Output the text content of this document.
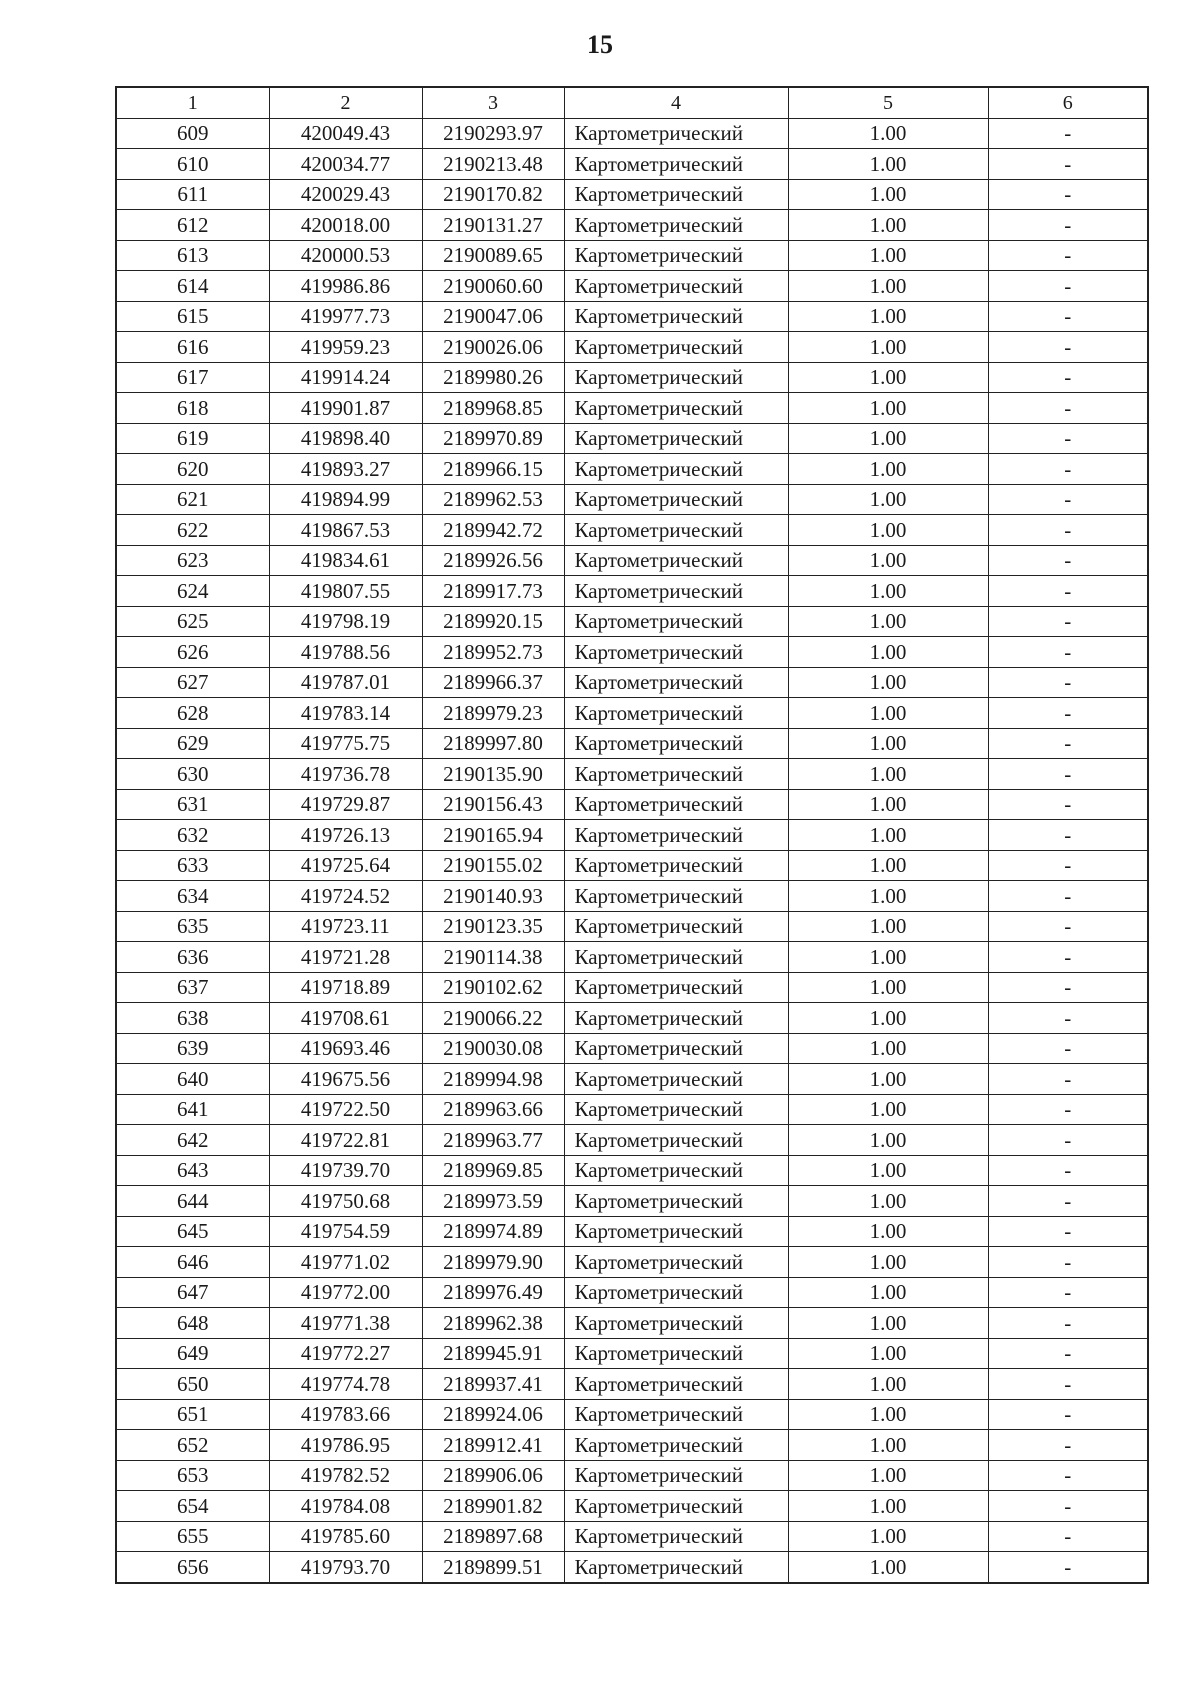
15
1	2	3	4	5	6
609	420049.43	2190293.97	Картометрический	1.00	-
610	420034.77	2190213.48	Картометрический	1.00	-
611	420029.43	2190170.82	Картометрический	1.00	-
612	420018.00	2190131.27	Картометрический	1.00	-
613	420000.53	2190089.65	Картометрический	1.00	-
614	419986.86	2190060.60	Картометрический	1.00	-
615	419977.73	2190047.06	Картометрический	1.00	-
616	419959.23	2190026.06	Картометрический	1.00	-
617	419914.24	2189980.26	Картометрический	1.00	-
618	419901.87	2189968.85	Картометрический	1.00	-
619	419898.40	2189970.89	Картометрический	1.00	-
620	419893.27	2189966.15	Картометрический	1.00	-
621	419894.99	2189962.53	Картометрический	1.00	-
622	419867.53	2189942.72	Картометрический	1.00	-
623	419834.61	2189926.56	Картометрический	1.00	-
624	419807.55	2189917.73	Картометрический	1.00	-
625	419798.19	2189920.15	Картометрический	1.00	-
626	419788.56	2189952.73	Картометрический	1.00	-
627	419787.01	2189966.37	Картометрический	1.00	-
628	419783.14	2189979.23	Картометрический	1.00	-
629	419775.75	2189997.80	Картометрический	1.00	-
630	419736.78	2190135.90	Картометрический	1.00	-
631	419729.87	2190156.43	Картометрический	1.00	-
632	419726.13	2190165.94	Картометрический	1.00	-
633	419725.64	2190155.02	Картометрический	1.00	-
634	419724.52	2190140.93	Картометрический	1.00	-
635	419723.11	2190123.35	Картометрический	1.00	-
636	419721.28	2190114.38	Картометрический	1.00	-
637	419718.89	2190102.62	Картометрический	1.00	-
638	419708.61	2190066.22	Картометрический	1.00	-
639	419693.46	2190030.08	Картометрический	1.00	-
640	419675.56	2189994.98	Картометрический	1.00	-
641	419722.50	2189963.66	Картометрический	1.00	-
642	419722.81	2189963.77	Картометрический	1.00	-
643	419739.70	2189969.85	Картометрический	1.00	-
644	419750.68	2189973.59	Картометрический	1.00	-
645	419754.59	2189974.89	Картометрический	1.00	-
646	419771.02	2189979.90	Картометрический	1.00	-
647	419772.00	2189976.49	Картометрический	1.00	-
648	419771.38	2189962.38	Картометрический	1.00	-
649	419772.27	2189945.91	Картометрический	1.00	-
650	419774.78	2189937.41	Картометрический	1.00	-
651	419783.66	2189924.06	Картометрический	1.00	-
652	419786.95	2189912.41	Картометрический	1.00	-
653	419782.52	2189906.06	Картометрический	1.00	-
654	419784.08	2189901.82	Картометрический	1.00	-
655	419785.60	2189897.68	Картометрический	1.00	-
656	419793.70	2189899.51	Картометрический	1.00	-
